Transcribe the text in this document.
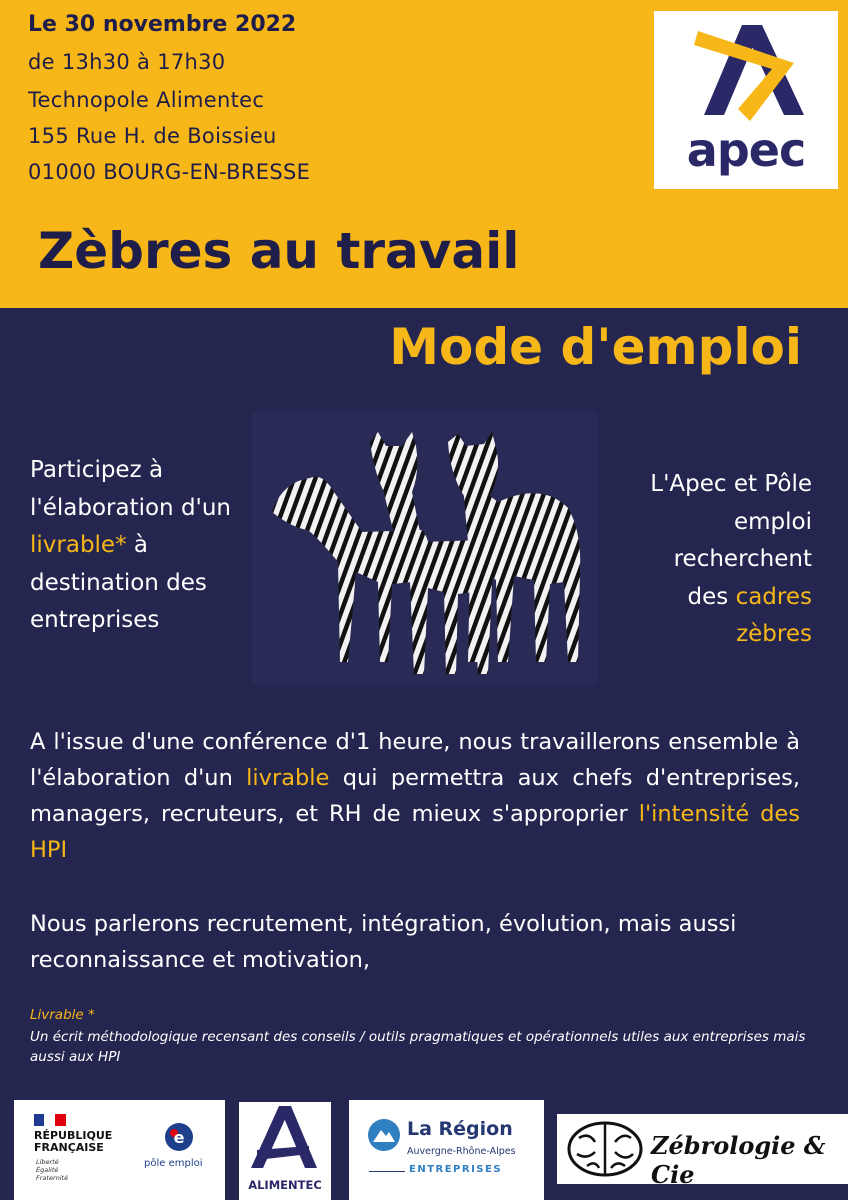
Le 30 novembre 2022
de 13h30 à 17h30
Technopole Alimentec
155 Rue H. de Boissieu
01000 BOURG-EN-BRESSE	apec
Zèbres au travail
Mode d'emploi
Participez à l'élaboration d'un livrable* à destination des entreprises
L'Apec et Pôle emploi recherchent des cadres zèbres
A l'issue d'une conférence d'1 heure, nous travaillerons ensemble à l'élaboration d'un livrable qui permettra aux chefs d'entreprises, managers, recruteurs, et RH de mieux s'approprier l'intensité des HPI
Nous parlerons recrutement, intégration, évolution, mais aussi reconnaissance et motivation,
Livrable *
Un écrit méthodologique recensant des conseils / outils pragmatiques et opérationnels utiles aux entreprises mais aussi aux HPI
RÉPUBLIQUE
FRANÇAISE
Liberté
Égalité
Fraternité
e
pôle emploi
ALIMENTEC
La Région
Auvergne-Rhône-Alpes
ENTREPRISES
Zébrologie & Cie
